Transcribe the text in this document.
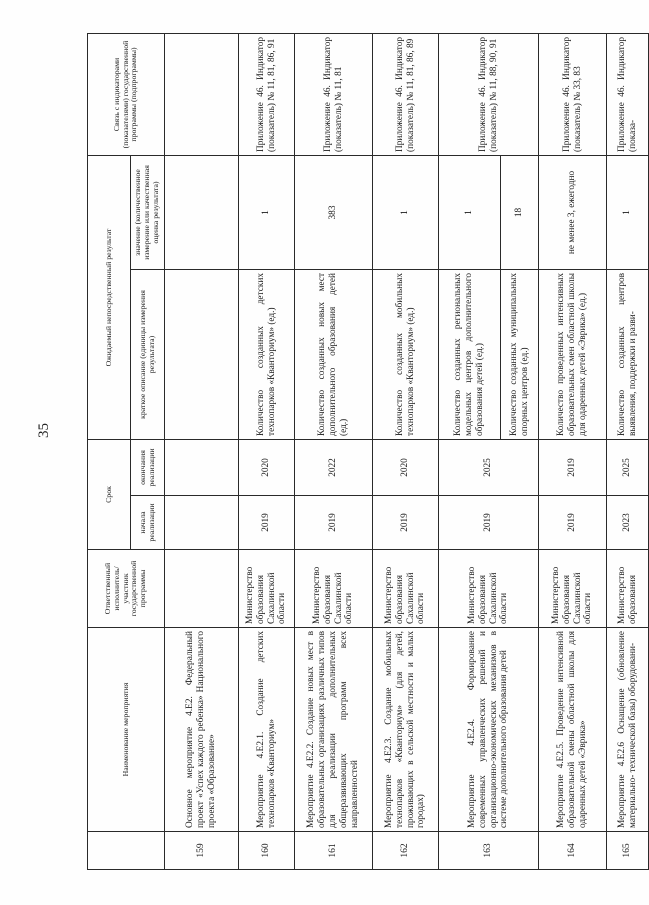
35
	Наименование мероприятия	Ответственный исполнитель/участник государственной программы	Срок		Ожидаемый непосредственный результат		Связь с индикаторами (показателями) государственной программы (подпрограммы)
			начала реализации	окончания реализации	краткое описание (единицы измерения результата)	значение (количественное измерение или качественная оценка результата)	
159	Основное мероприятие 4.E2. Федеральный проект «Успех каждого ребенка» Национального проекта «Образование»						
160	Мероприятие 4.E2.1. Создание детских технопарков «Кванториум»	Министерство образования Сахалинской области	2019	2020	Количество созданных детских технопарков «Кванториум» (ед.)	1	Приложение 46. Индикатор (показатель) № 11, 81, 86, 91
161	Мероприятие 4.E2.2. Создание новых мест в образовательных организациях различных типов для реализации дополнительных общеразвивающих программ всех направленностей	Министерство образования Сахалинской области	2019	2022	Количество созданных новых мест дополнительного образования детей (ед.)	383	Приложение 46. Индикатор (показатель) № 11, 81
162	Мероприятие 4.E2.3. Создание мобильных технопарков «Кванториум» (для детей, проживающих в сельской местности и малых городах)	Министерство образования Сахалинской области	2019	2020	Количество созданных мобильных технопарков «Кванториум» (ед.)	1	Приложение 46. Индикатор (показатель) № 11, 81, 86, 89
163	Мероприятие 4.E2.4. Формирование современных управленческих решений и организационно-экономических механизмов в системе дополнительного образования детей	Министерство образования Сахалинской области	2019	2025	Количество созданных региональных модельных центров дополнительного образования детей (ед.)	1	Приложение 46. Индикатор (показатель) № 11, 88, 90, 91
					Количество созданных муниципальных опорных центров (ед.)	18	
164	Мероприятие 4.E2.5. Проведение интенсивной образовательной смены областной школы для одаренных детей «Эврика»	Министерство образования Сахалинской области	2019	2019	Количество проведенных интенсивных образовательных смен областной школы для одаренных детей «Эврика» (ед.)	не менее 3, ежегодно	Приложение 46. Индикатор (показатель) № 33, 83
165	Мероприятие 4.E2.6 Оснащение (обновление материально- технической базы) оборудовани-	Министерство образования	2023	2025	Количество созданных центров выявления, поддержки и разви-	1	Приложение 46. Индикатор (показа-
